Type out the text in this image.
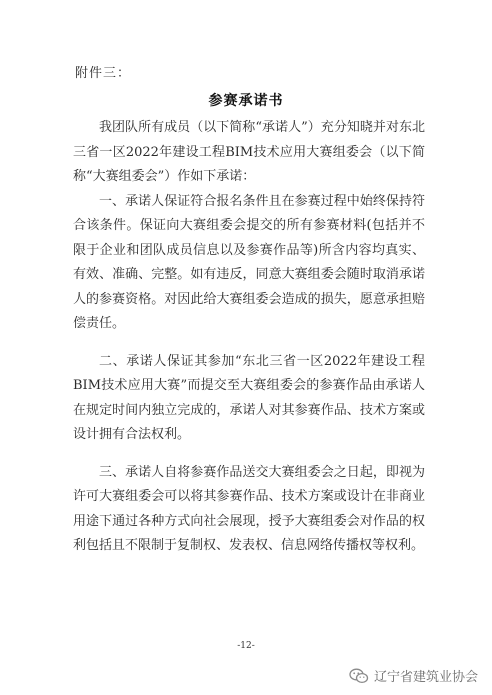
附件三：
参赛承诺书

我团队所有成员（以下简称“承诺人”）充分知晓并对东北三省一区2022年建设工程BIM技术应用大赛组委会（以下简称“大赛组委会”）作如下承诺：

一、承诺人保证符合报名条件且在参赛过程中始终保持符合该条件。保证向大赛组委会提交的所有参赛材料(包括并不限于企业和团队成员信息以及参赛作品等)所含内容均真实、有效、准确、完整。如有违反，同意大赛组委会随时取消承诺人的参赛资格。对因此给大赛组委会造成的损失，愿意承担赔偿责任。

二、承诺人保证其参加“东北三省一区2022年建设工程BIM技术应用大赛”而提交至大赛组委会的参赛作品由承诺人在规定时间内独立完成的，承诺人对其参赛作品、技术方案或设计拥有合法权利。

三、承诺人自将参赛作品送交大赛组委会之日起，即视为许可大赛组委会可以将其参赛作品、技术方案或设计在非商业用途下通过各种方式向社会展现，授予大赛组委会对作品的权利包括且不限制于复制权、发表权、信息网络传播权等权利。

-12-
辽宁省建筑业协会
